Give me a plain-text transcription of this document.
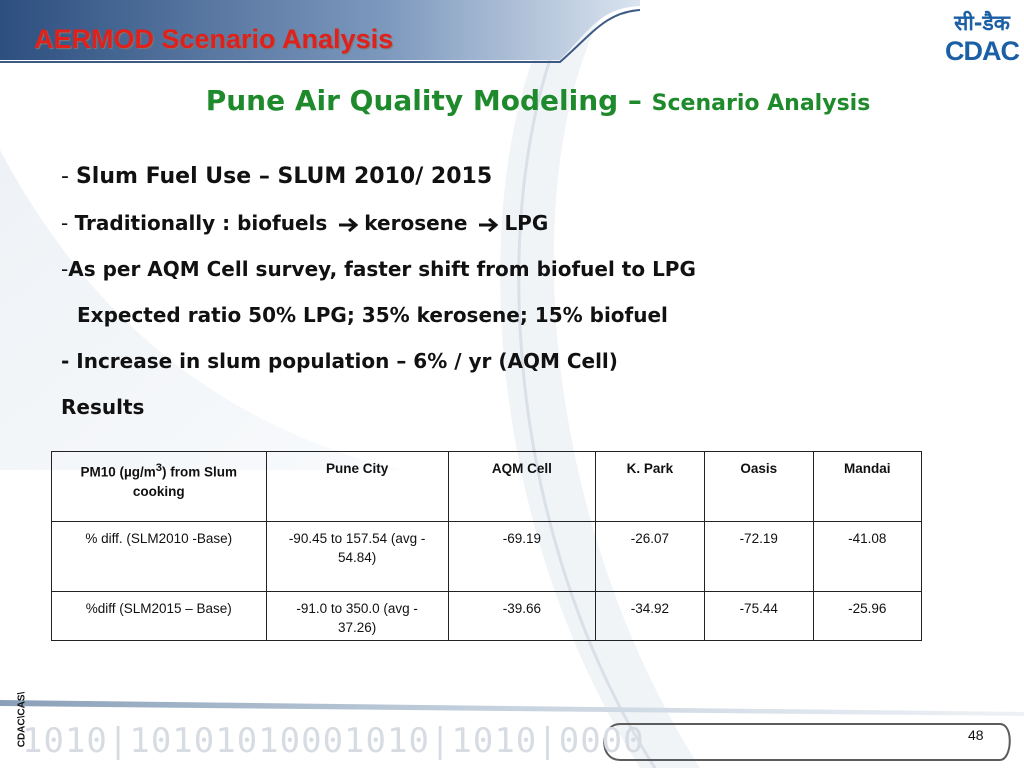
AERMOD Scenario Analysis
सी-डैक
CDAC
Pune Air Quality Modeling – Scenario Analysis
- Slum Fuel Use – SLUM 2010/ 2015
- Traditionally : biofuels kerosene LPG
-As per AQM Cell survey, faster shift from biofuel to LPG
Expected ratio 50% LPG; 35% kerosene; 15% biofuel
- Increase in slum population – 6% / yr (AQM Cell)
Results
PM10 $(\mu g/m^3)$ from Slum cooking	Pune City	AQM Cell	K. Park	Oasis	Mandai
% diff. (SLM2010 -Base)	-90.45 to 157.54 (avg - 54.84)	-69.19	-26.07	-72.19	-41.08
%diff (SLM2015 – Base)	-91.0 to 350.0 (avg - 37.26)	-39.66	-34.92	-75.44	-25.96
1010|10101010001010|1010|0000
CDAC\CAS\	48
